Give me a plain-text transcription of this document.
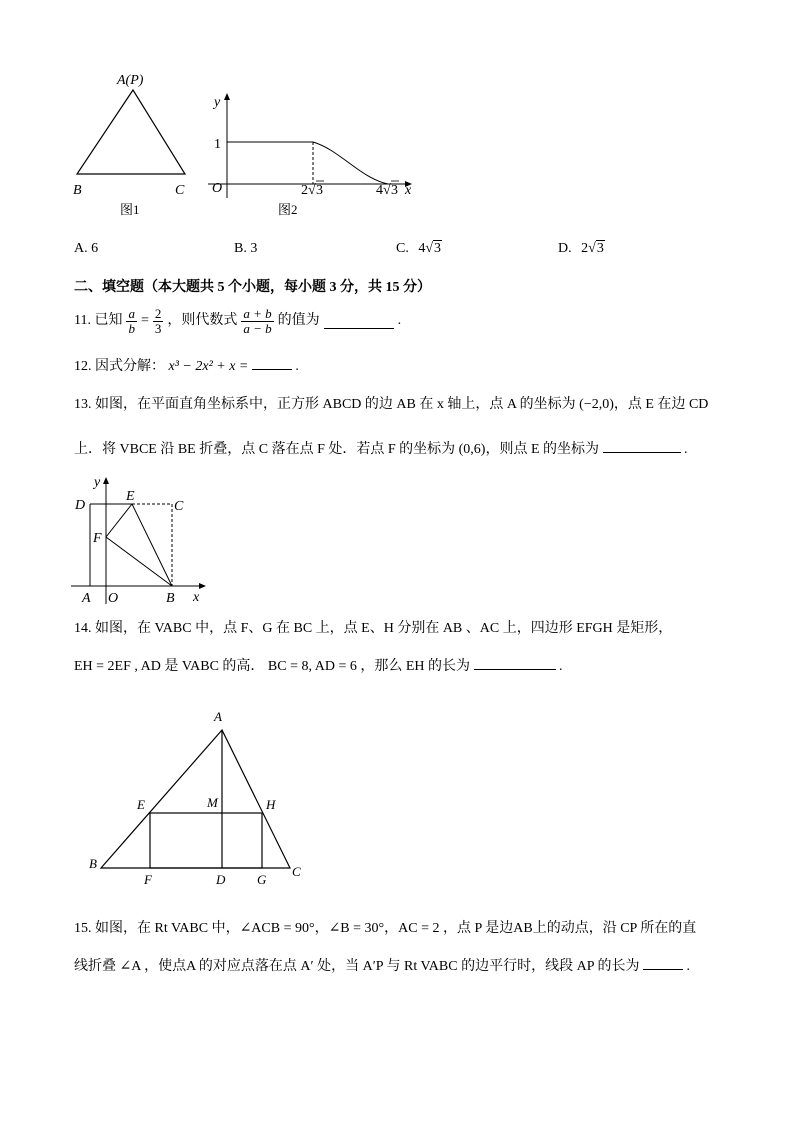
A(P)
B	C
图1
y
x
O
1
2 √ 3	4 √ 3
图2
A. 6	B. 3	C. 4√3	D. 2√3
二、填空题（本大题共 5 个小题，每小题 3 分，共 15 分）
11. 已知 $\frac{a}{b} = \frac{2}{3}$ ，则代数式 $\frac{a + b}{a - b}$ 的值为	.
12. 因式分解： x³ − 2x² + x =	.
13. 如图，在平面直角坐标系中，正方形 ABCD 的边 AB 在 x 轴上，点 A 的坐标为 (−2,0)，点 E 在边 CD
上．将 VBCE 沿 BE 折叠，点 C 落在点 F 处．若点 F 的坐标为 (0,6)，则点 E 的坐标为	.
y
x
D
E
C
F
A O	B
14. 如图，在 VABC 中，点 F、G 在 BC 上，点 E、H 分别在 AB 、AC 上，四边形 EFGH 是矩形，
EH = 2EF , AD 是 VABC 的高． BC = 8, AD = 6 ，那么 EH 的长为	.
A
E	M	H
B
F	D G
C
15. 如图，在 Rt VABC 中，∠ACB = 90°，∠B = 30°，AC = 2 ，点 P 是边AB上的动点，沿 CP 所在的直
线折叠 ∠A ，使点A 的对应点落在点 A′ 处，当 A′P 与 Rt VABC 的边平行时，线段 AP 的长为	.
